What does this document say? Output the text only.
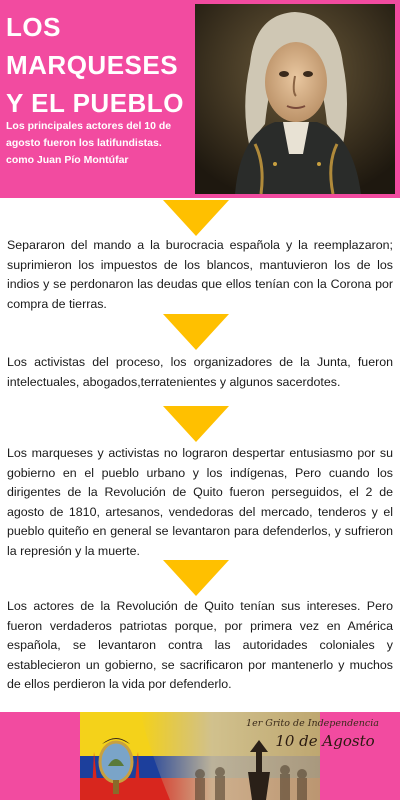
LOS
MARQUESES
Y EL PUEBLO
Los principales actores del 10 de agosto fueron los latifundistas. como Juan Pío Montúfar
Separaron del mando a la burocracia española y la reemplazaron; suprimieron los impuestos de los blancos, mantuvieron los de los indios y se perdonaron las deudas que ellos tenían con la Corona por compra de tierras.
Los activistas del proceso, los organizadores de la Junta, fueron intelectuales, abogados,terratenientes y algunos sacerdotes.
Los marqueses y activistas no lograron despertar entusiasmo por su gobierno en el pueblo urbano y los indígenas, Pero cuando los dirigentes de la Revolución de Quito fueron perseguidos, el 2 de agosto de 1810, artesanos, vendedoras del mercado, tenderos y el pueblo quiteño en general se levantaron para defenderlos, y sufrieron la represión y la muerte.
Los actores de la Revolución de Quito tenían sus intereses. Pero fueron verdaderos patriotas porque, por primera vez en América española, se levantaron contra las autoridades coloniales y establecieron un gobierno, se sacrificaron por mantenerlo y muchos de ellos perdieron la vida por defenderlo.
1er Grito de Independencia
10 de Agosto
